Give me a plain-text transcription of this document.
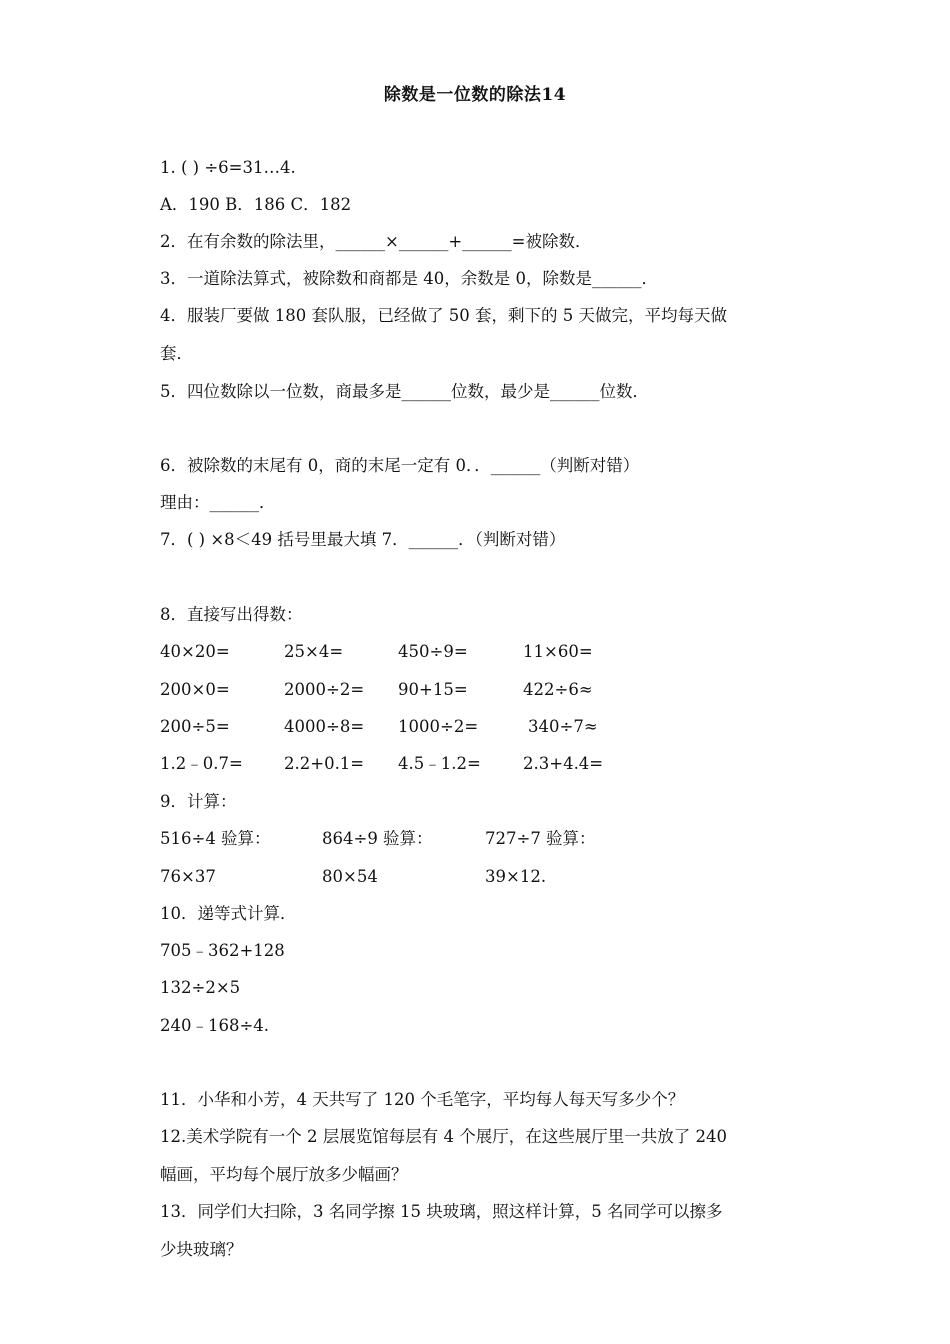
除数是一位数的除法14
1. ( ) ÷6=31…4.
A．190 B．186 C．182
2．在有余数的除法里，______×______+______=被除数．
3．一道除法算式，被除数和商都是 40，余数是 0，除数是______．
4．服装厂要做 180 套队服，已经做了 50 套，剩下的 5 天做完，平均每天做
套．
5．四位数除以一位数，商最多是______位数，最少是______位数．
6．被除数的末尾有 0，商的末尾一定有 0．．______（判断对错）
理由：______．
7．( ) ×8＜49 括号里最大填 7．______．（判断对错）
8．直接写出得数：
40×20=	25×4=	450÷9=	11×60=
200×0=	2000÷2= 90+15=	422÷6≈
200÷5=	4000÷8= 1000÷2=	340÷7≈
1.2﹣0.7= 2.2+0.1= 4.5﹣1.2=	2.3+4.4=
9．计算：
516÷4 验算：	864÷9 验算：	727÷7 验算：
76×37	80×54	39×12.
10．递等式计算．
705﹣362+128
132÷2×5
240﹣168÷4.
11．小华和小芳，4 天共写了 120 个毛笔字，平均每人每天写多少个？
12.美术学院有一个 2 层展览馆每层有 4 个展厅，在这些展厅里一共放了 240
幅画，平均每个展厅放多少幅画？
13．同学们大扫除，3 名同学擦 15 块玻璃，照这样计算，5 名同学可以擦多
少块玻璃？
